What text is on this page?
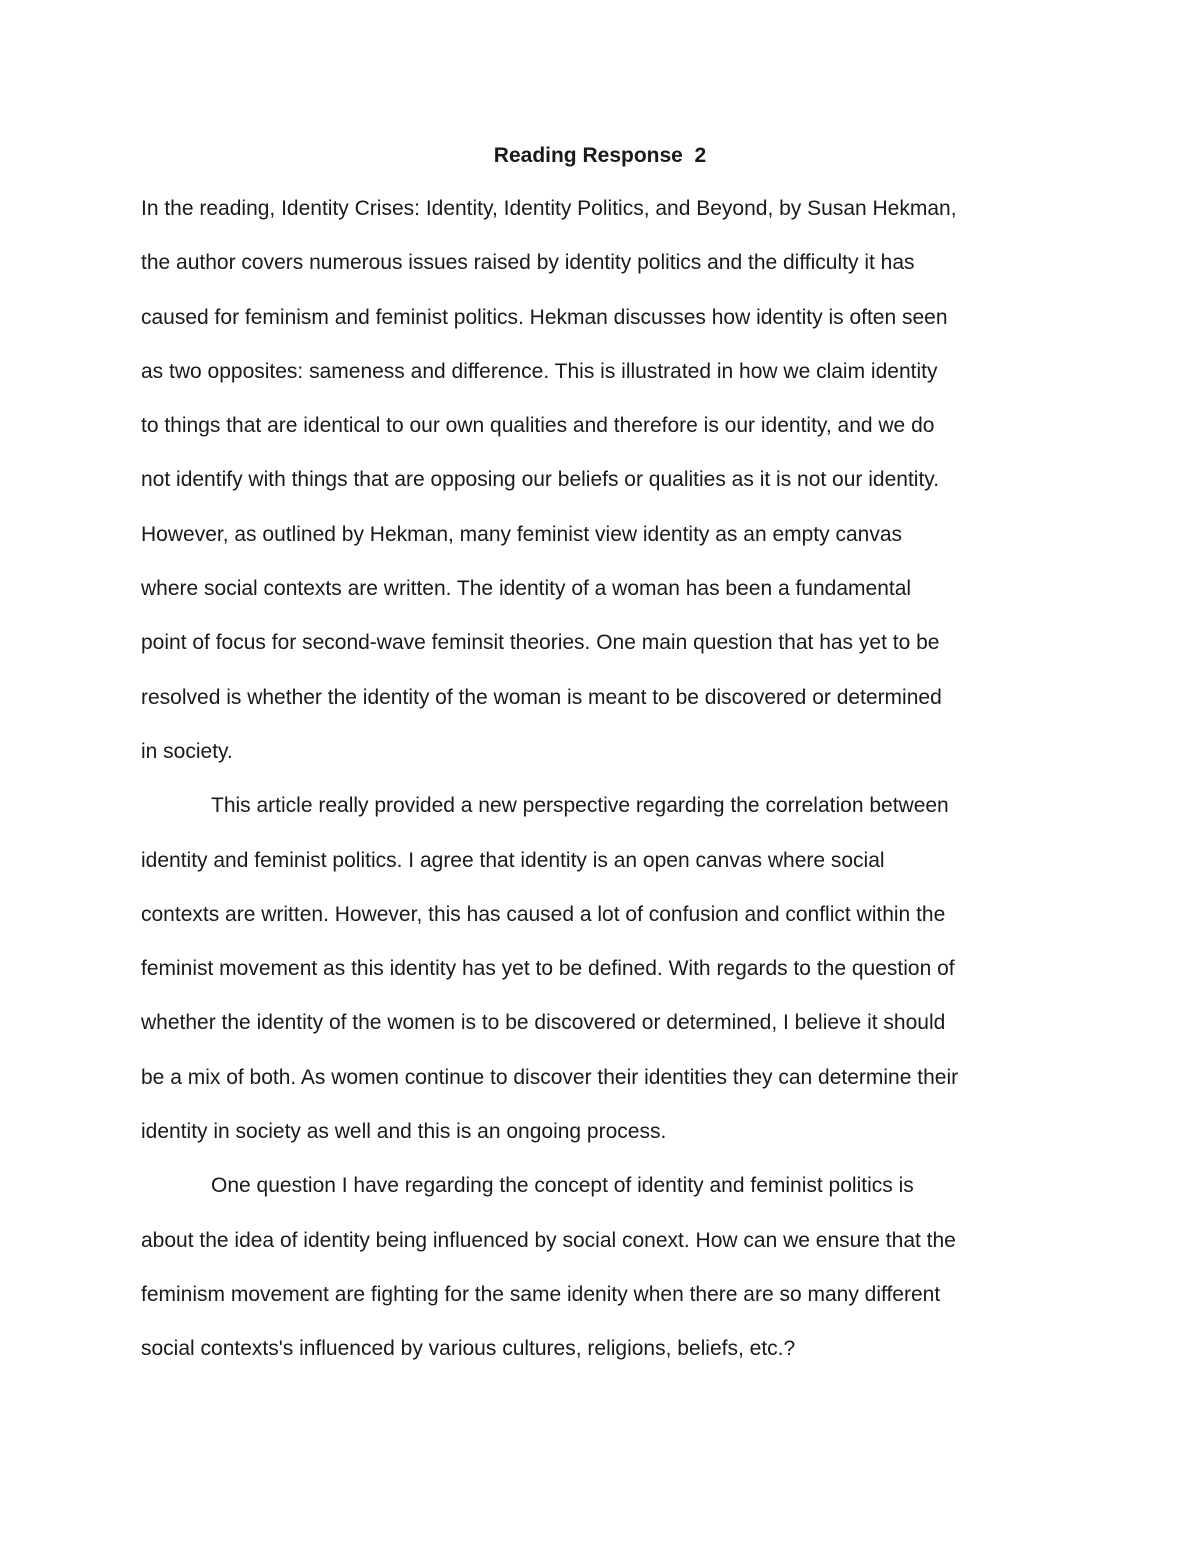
Reading Response  2
In the reading, Identity Crises: Identity, Identity Politics, and Beyond, by Susan Hekman,
the author covers numerous issues raised by identity politics and the difficulty it has
caused for feminism and feminist politics. Hekman discusses how identity is often seen
as two opposites: sameness and difference. This is illustrated in how we claim identity
to things that are identical to our own qualities and therefore is our identity, and we do
not identify with things that are opposing our beliefs or qualities as it is not our identity.
However, as outlined by Hekman, many feminist view identity as an empty canvas
where social contexts are written. The identity of a woman has been a fundamental
point of focus for second-wave feminsit theories. One main question that has yet to be
resolved is whether the identity of the woman is meant to be discovered or determined
in society.
This article really provided a new perspective regarding the correlation between
identity and feminist politics. I agree that identity is an open canvas where social
contexts are written. However, this has caused a lot of confusion and conflict within the
feminist movement as this identity has yet to be defined. With regards to the question of
whether the identity of the women is to be discovered or determined, I believe it should
be a mix of both. As women continue to discover their identities they can determine their
identity in society as well and this is an ongoing process.
One question I have regarding the concept of identity and feminist politics is
about the idea of identity being influenced by social conext. How can we ensure that the
feminism movement are fighting for the same idenity when there are so many different
social contexts's influenced by various cultures, religions, beliefs, etc.?
